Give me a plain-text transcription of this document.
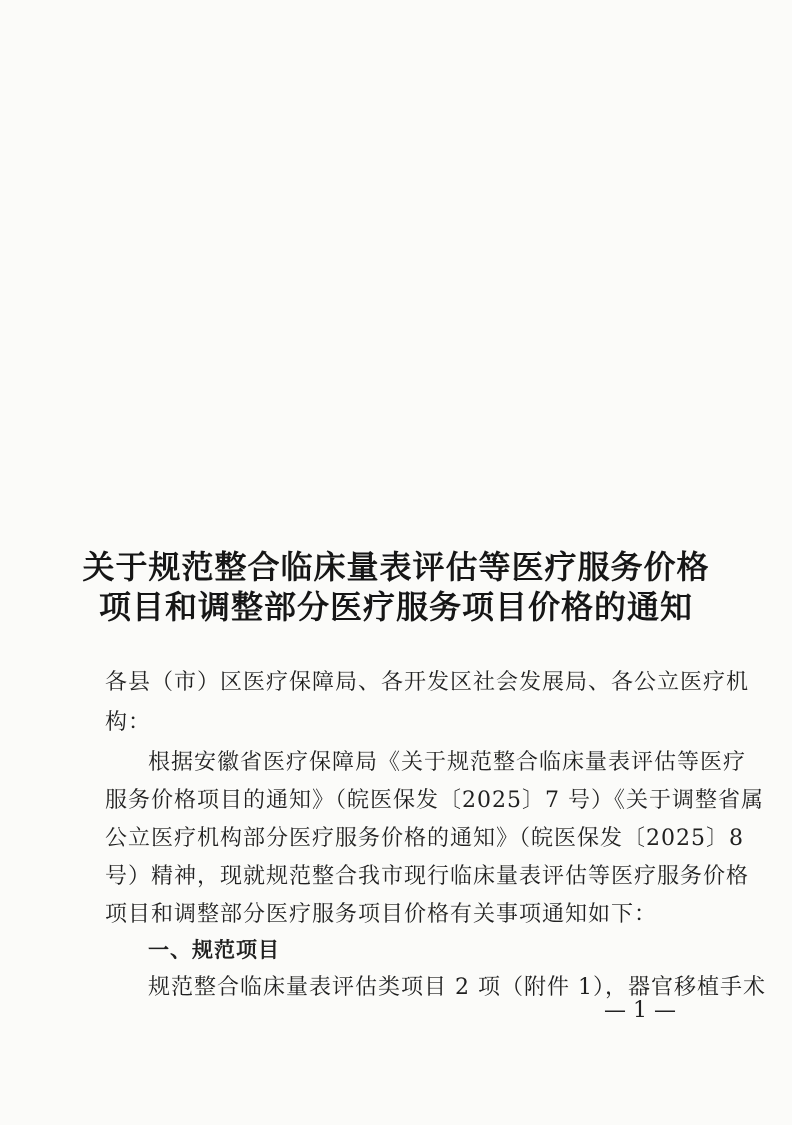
关于规范整合临床量表评估等医疗服务价格
项目和调整部分医疗服务项目价格的通知
各县（市）区医疗保障局、各开发区社会发展局、各公立医疗机
构：
根据安徽省医疗保障局《关于规范整合临床量表评估等医疗
服务价格项目的通知》（皖医保发〔2025〕7 号）《关于调整省属
公立医疗机构部分医疗服务价格的通知》（皖医保发〔2025〕8
号）精神，现就规范整合我市现行临床量表评估等医疗服务价格
项目和调整部分医疗服务项目价格有关事项通知如下：
一、规范项目
规范整合临床量表评估类项目 2 项（附件 1），器官移植手术
— 1 —
